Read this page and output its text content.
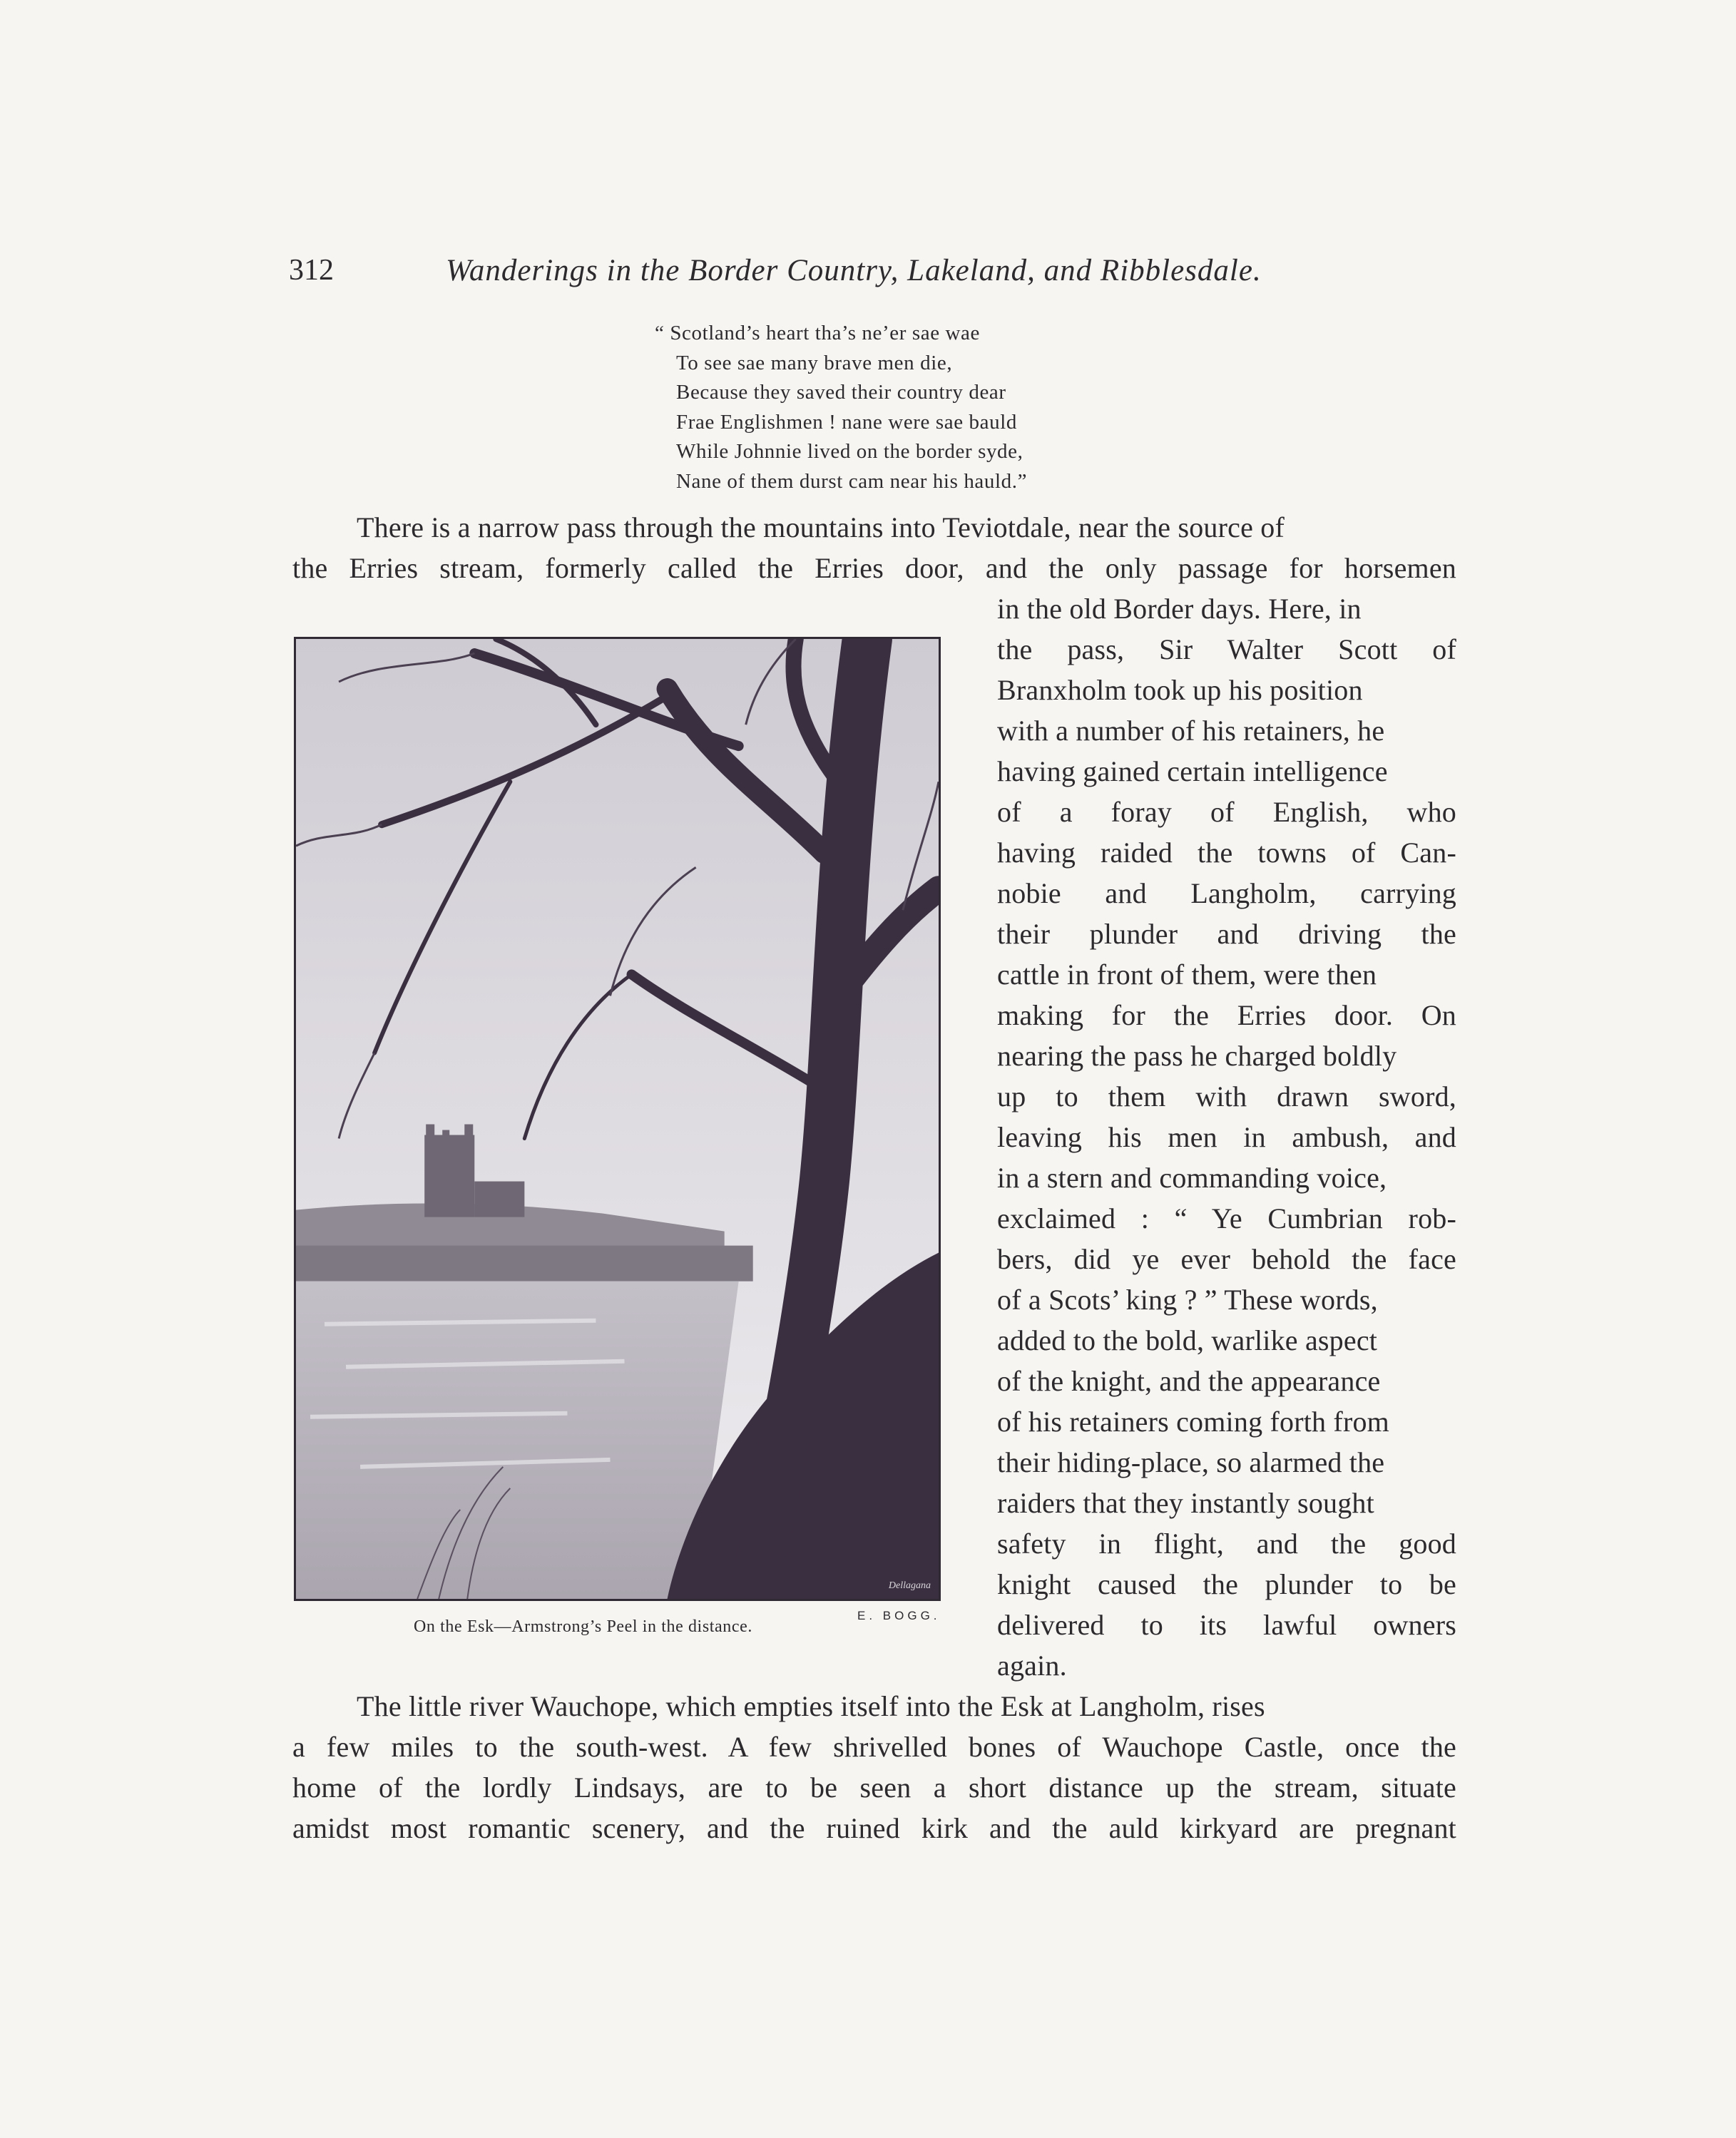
312	Wanderings in the Border Country, Lakeland, and Ribblesdale.
“ Scotland’s heart tha’s ne’er sae wae
To see sae many brave men die,
Because they saved their country dear
Frae Englishmen ! nane were sae bauld
While Johnnie lived on the border syde,
Nane of them durst cam near his hauld.”
There is a narrow pass through the mountains into Teviotdale, near the source of
the Erries stream, formerly called the Erries door, and the only passage for horsemen
in the old Border days. Here, in
the pass, Sir Walter Scott of
Branxholm took up his position
with a number of his retainers, he
having gained certain intelligence
of a foray of English, who
having raided the towns of Can-
nobie and Langholm, carrying
their plunder and driving the
cattle in front of them, were then
making for the Erries door. On
nearing the pass he charged boldly
up to them with drawn sword,
leaving his men in ambush, and
in a stern and commanding voice,
exclaimed : “ Ye Cumbrian rob-
bers, did ye ever behold the face
of a Scots’ king ? ” These words,
added to the bold, warlike aspect
of the knight, and the appearance
of his retainers coming forth from
their hiding-place, so alarmed the
raiders that they instantly sought
safety in flight, and the good
knight caused the plunder to be
delivered to its lawful owners
again.
The little river Wauchope, which empties itself into the Esk at Langholm, rises
a few miles to the south-west. A few shrivelled bones of Wauchope Castle, once the
home of the lordly Lindsays, are to be seen a short distance up the stream, situate
amidst most romantic scenery, and the ruined kirk and the auld kirkyard are pregnant
Dellagana
On the Esk—Armstrong’s Peel in the distance.
E. BOGG.
